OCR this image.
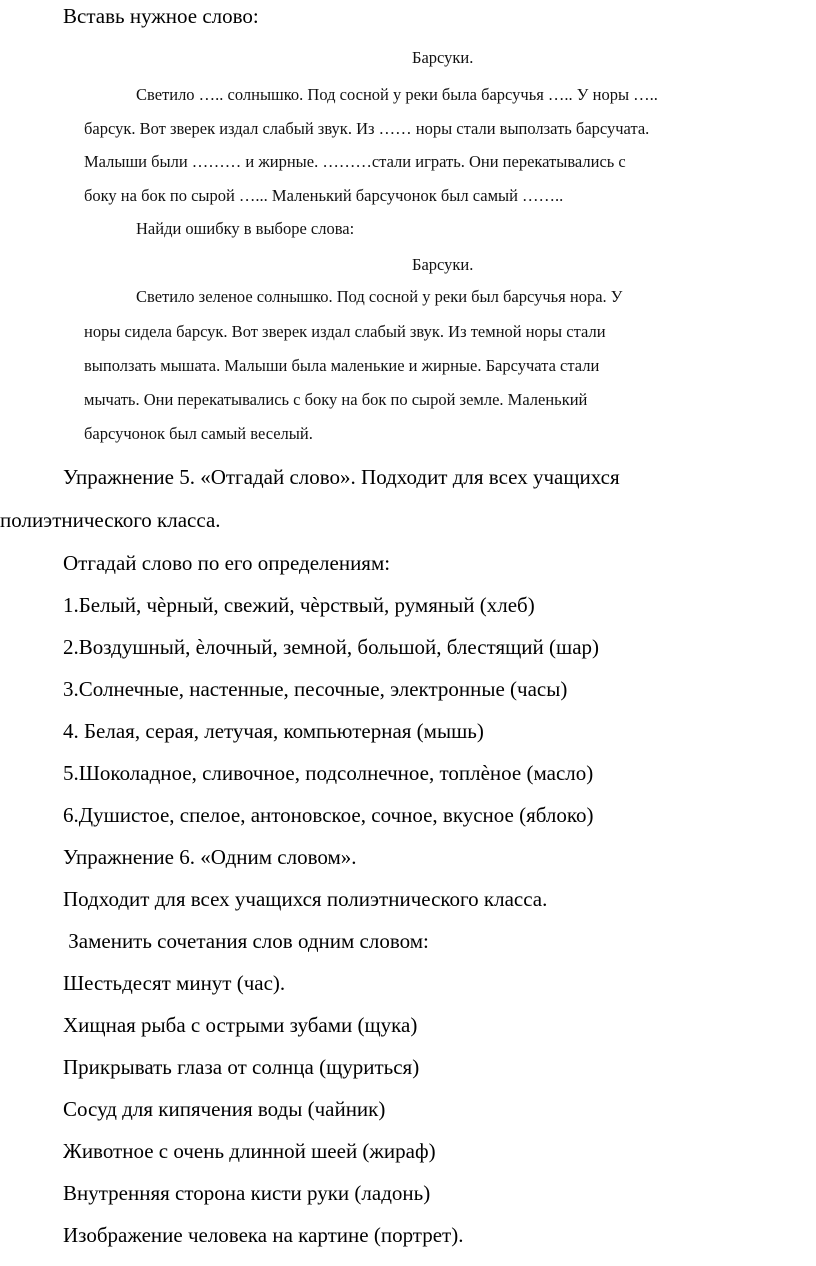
Вставь нужное слово:

Барсуки.

Светило ….. солнышко. Под сосной у реки была барсучья ….. У норы …..

барсук. Вот зверек издал слабый звук. Из …… норы стали выползать барсучата.

Малыши были ……… и жирные. ………стали играть. Они перекатывались с

боку на бок по сырой …... Маленький барсучонок был самый ……..

Найди ошибку в выборе слова:

Барсуки.

Светило зеленое солнышко. Под сосной у реки был барсучья нора. У

норы сидела барсук. Вот зверек издал слабый звук. Из темной норы стали

выползать мышата. Малыши была маленькие и жирные. Барсучата стали

мычать. Они перекатывались с боку на бок по сырой земле. Маленький

барсучонок был самый веселый.

Упражнение 5. «Отгадай слово». Подходит для всех учащихся

полиэтнического класса.

Отгадай слово по его определениям:

1.Белый, чѐрный, свежий, чѐрствый, румяный (хлеб)

2.Воздушный, ѐлочный, земной, большой, блестящий (шар)

3.Солнечные, настенные, песочные, электронные (часы)

4. Белая, серая, летучая, компьютерная (мышь)

5.Шоколадное, сливочное, подсолнечное, топлѐное (масло)

6.Душистое, спелое, антоновское, сочное, вкусное (яблоко)

Упражнение 6. «Одним словом».

Подходит для всех учащихся полиэтнического класса.

Заменить сочетания слов одним словом:

Шестьдесят минут (час).

Хищная рыба с острыми зубами (щука)

Прикрывать глаза от солнца (щуриться)

Сосуд для кипячения воды (чайник)

Животное с очень длинной шеей (жираф)

Внутренняя сторона кисти руки (ладонь)

Изображение человека на картине (портрет).
